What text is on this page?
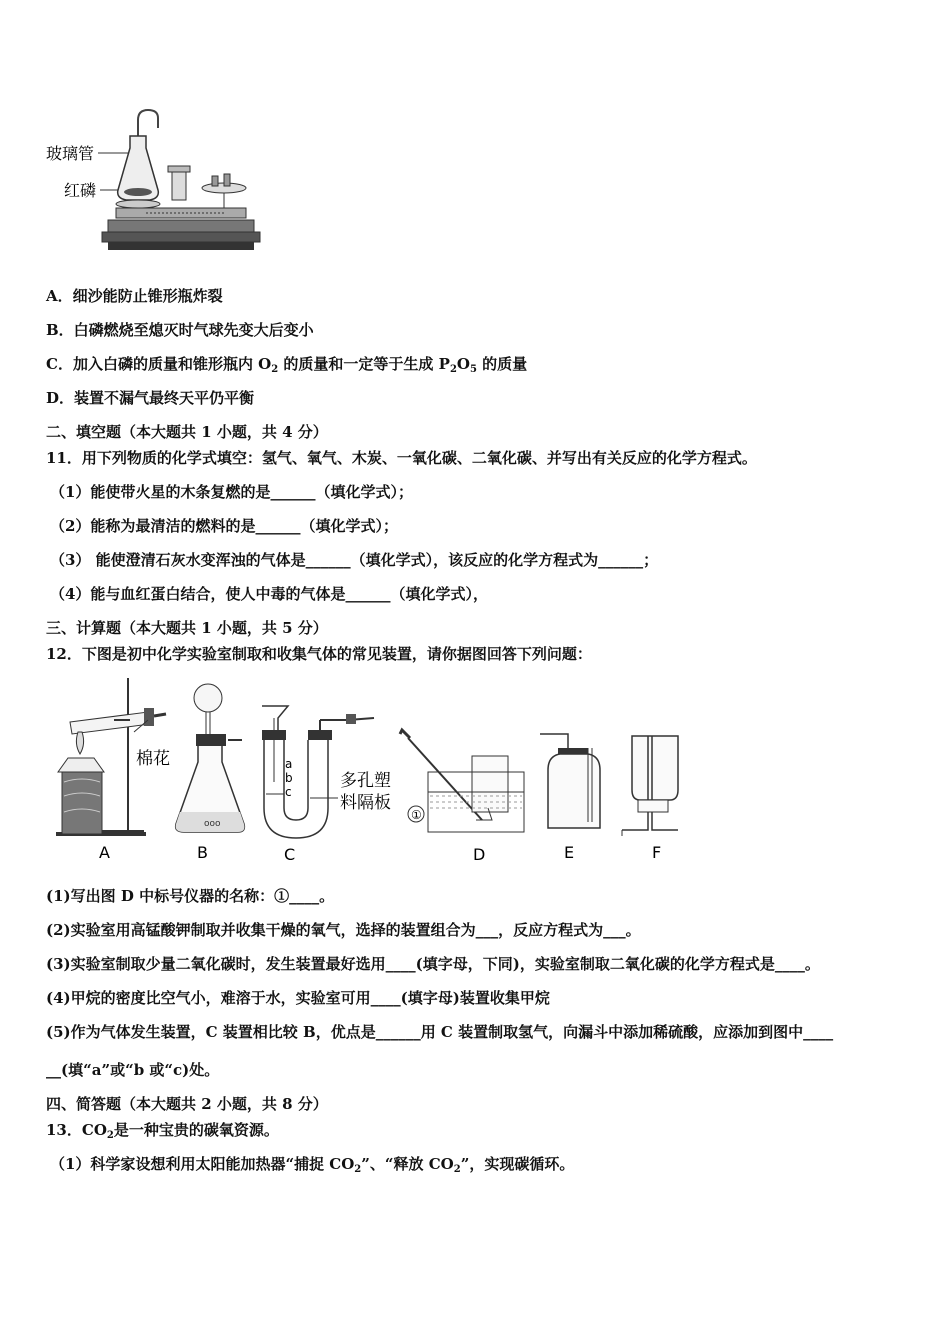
玻璃管
红磷
A．细沙能防止锥形瓶炸裂
B．白磷燃烧至熄灭时气球先变大后变小
C．加入白磷的质量和锥形瓶内 $O_2$ 的质量和一定等于生成 $P_2O_5$ 的质量
D．装置不漏气最终天平仍平衡
二、填空题（本大题共 1 小题，共 4 分）
11．用下列物质的化学式填空：氢气、氧气、木炭、一氧化碳、二氧化碳、并写出有关反应的化学方程式。
（1）能使带火星的木条复燃的是______（填化学式）；
（2）能称为最清洁的燃料的是______（填化学式）；
（3） 能使澄清石灰水变浑浊的气体是______（填化学式），该反应的化学方程式为______；
（4）能与血红蛋白结合，使人中毒的气体是______（填化学式），
三、计算题（本大题共 1 小题，共 5 分）
12．下图是初中化学实验室制取和收集气体的常见装置，请你据图回答下列问题：
棉花
ooo
a
b
c
多孔塑
料隔板
①
A	B	C	D	E	F
(1)写出图 D 中标号仪器的名称：①____。
(2)实验室用高锰酸钾制取并收集干燥的氧气，选择的装置组合为___，反应方程式为___。
(3)实验室制取少量二氧化碳时，发生装置最好选用____(填字母，下同)，实验室制取二氧化碳的化学方程式是____。
(4)甲烷的密度比空气小，难溶于水，实验室可用____(填字母)装置收集甲烷
(5)作为气体发生装置，C 装置相比较 B，优点是______用 C 装置制取氢气，向漏斗中添加稀硫酸，应添加到图中____
__(填“a”或“b 或“c)处。
四、简答题（本大题共 2 小题，共 8 分）
13．$CO_2$是一种宝贵的碳氧资源。
（1）科学家设想利用太阳能加热器“捕捉 $CO_2$”、“释放 $CO_2$”，实现碳循环。
